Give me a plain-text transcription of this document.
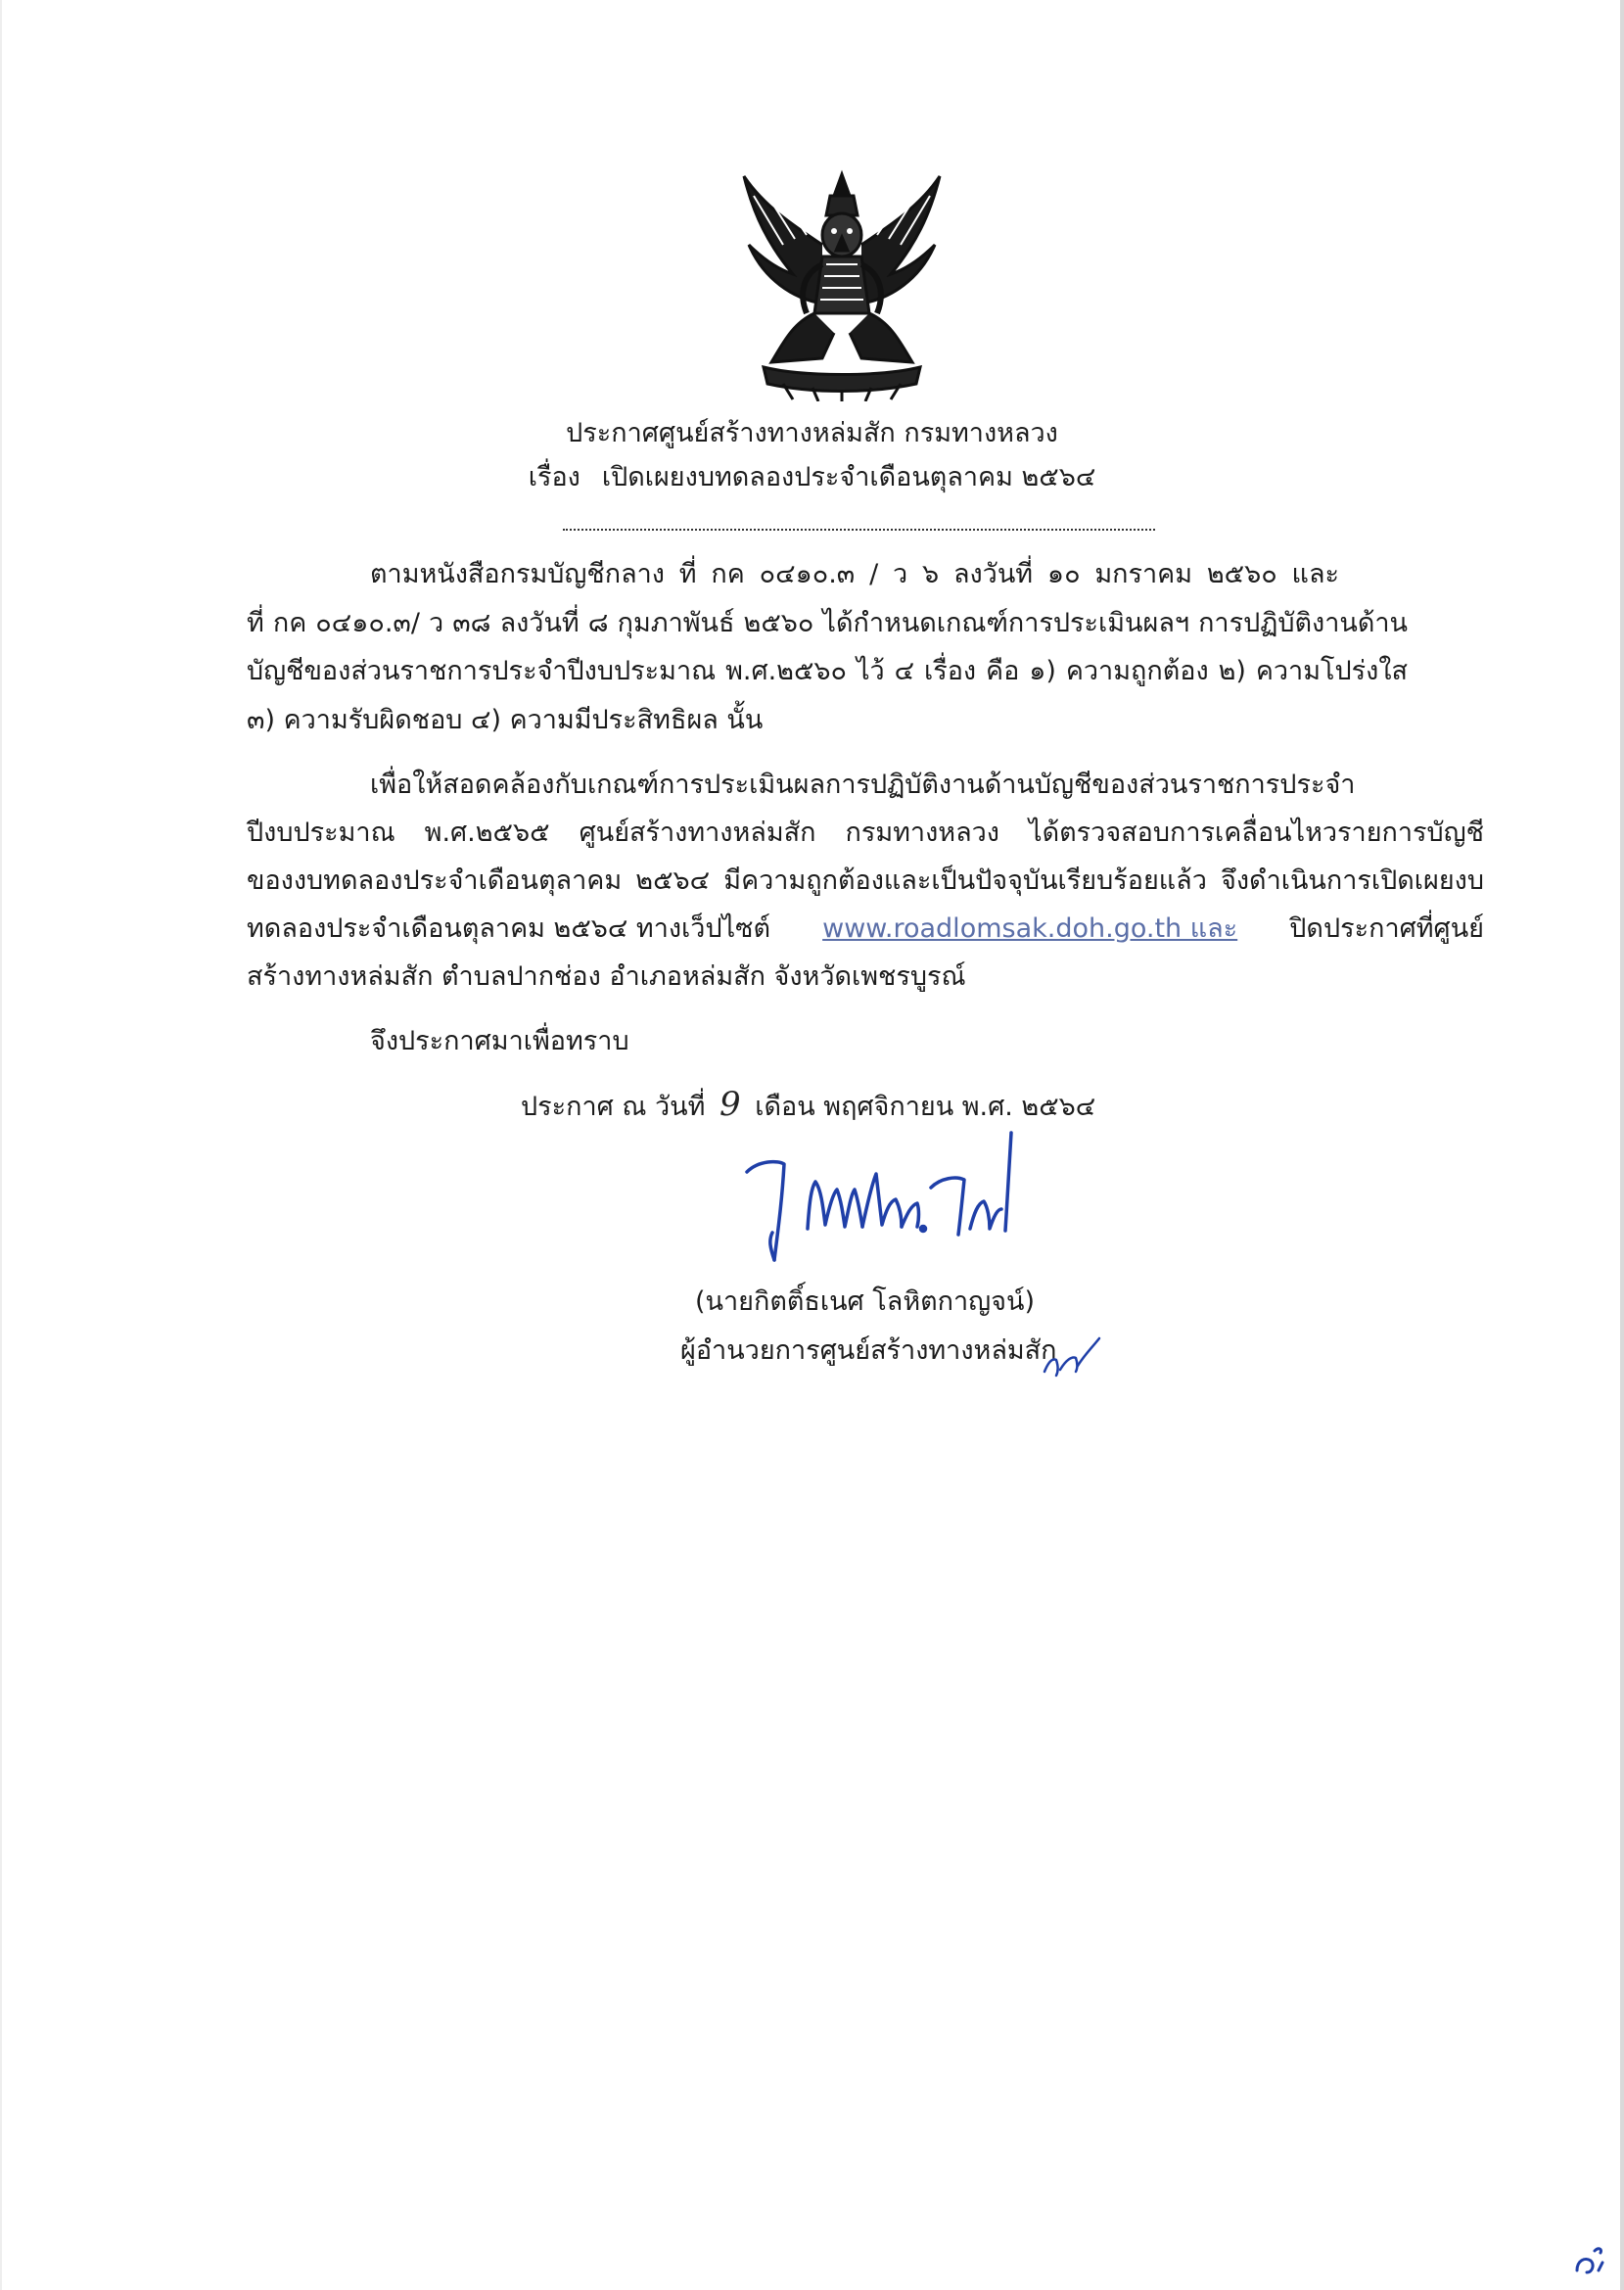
ประกาศศูนย์สร้างทางหล่มสัก กรมทางหลวง
เรื่อง เปิดเผยงบทดลองประจำเดือนตุลาคม ๒๕๖๔
ตามหนังสือกรมบัญชีกลาง ที่ กค ๐๔๑๐.๓ / ว ๖ ลงวันที่ ๑๐ มกราคม ๒๕๖๐ และ
ที่ กค ๐๔๑๐.๓/ ว ๓๘ ลงวันที่ ๘ กุมภาพันธ์ ๒๕๖๐ ได้กำหนดเกณฑ์การประเมินผลฯ การปฏิบัติงานด้าน
บัญชีของส่วนราชการประจำปีงบประมาณ พ.ศ.๒๕๖๐ ไว้ ๔ เรื่อง คือ ๑) ความถูกต้อง ๒) ความโปร่งใส
๓) ความรับผิดชอบ ๔) ความมีประสิทธิผล นั้น
เพื่อให้สอดคล้องกับเกณฑ์การประเมินผลการปฏิบัติงานด้านบัญชีของส่วนราชการประจำ
ปีงบประมาณ พ.ศ.๒๕๖๕ ศูนย์สร้างทางหล่มสัก กรมทางหลวง ได้ตรวจสอบการเคลื่อนไหวรายการบัญชี
ของงบทดลองประจำเดือนตุลาคม ๒๕๖๔ มีความถูกต้องและเป็นปัจจุบันเรียบร้อยแล้ว จึงดำเนินการเปิดเผยงบ
ทดลองประจำเดือนตุลาคม ๒๕๖๔ ทางเว็ปไซต์ www.roadlomsak.doh.go.th และ ปิดประกาศที่ศูนย์
สร้างทางหล่มสัก ตำบลปากช่อง อำเภอหล่มสัก จังหวัดเพชรบูรณ์
จึงประกาศมาเพื่อทราบ
ประกาศ ณ วันที่ 9 เดือน พฤศจิกายน พ.ศ. ๒๕๖๔
(นายกิตติ์ธเนศ โลหิตกาญจน์)
ผู้อำนวยการศูนย์สร้างทางหล่มสัก
